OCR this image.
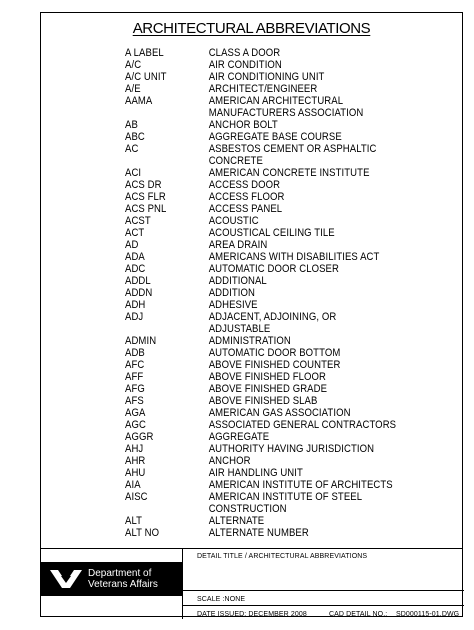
ARCHITECTURAL ABBREVIATIONS
A LABEL	CLASS A DOOR
A/C	AIR CONDITION
A/C UNIT	AIR CONDITIONING UNIT
A/E	ARCHITECT/ENGINEER
AAMA	AMERICAN ARCHITECTURAL
MANUFACTURERS ASSOCIATION
AB	ANCHOR BOLT
ABC	AGGREGATE BASE COURSE
AC	ASBESTOS CEMENT OR ASPHALTIC
CONCRETE
ACI	AMERICAN CONCRETE INSTITUTE
ACS DR	ACCESS DOOR
ACS FLR	ACCESS FLOOR
ACS PNL	ACCESS PANEL
ACST	ACOUSTIC
ACT	ACOUSTICAL CEILING TILE
AD	AREA DRAIN
ADA	AMERICANS WITH DISABILITIES ACT
ADC	AUTOMATIC DOOR CLOSER
ADDL	ADDITIONAL
ADDN	ADDITION
ADH	ADHESIVE
ADJ	ADJACENT, ADJOINING, OR
ADJUSTABLE
ADMIN	ADMINISTRATION
ADB	AUTOMATIC DOOR BOTTOM
AFC	ABOVE FINISHED COUNTER
AFF	ABOVE FINISHED FLOOR
AFG	ABOVE FINISHED GRADE
AFS	ABOVE FINISHED SLAB
AGA	AMERICAN GAS ASSOCIATION
AGC	ASSOCIATED GENERAL CONTRACTORS
AGGR	AGGREGATE
AHJ	AUTHORITY HAVING JURISDICTION
AHR	ANCHOR
AHU	AIR HANDLING UNIT
AIA	AMERICAN INSTITUTE OF ARCHITECTS
AISC	AMERICAN INSTITUTE OF STEEL
CONSTRUCTION
ALT	ALTERNATE
ALT NO	ALTERNATE NUMBER
Department of
Veterans Affairs
DETAIL TITLE / ARCHITECTURAL ABBREVIATIONS
SCALE :NONE
DATE ISSUED: DECEMBER 2008	CAD DETAIL NO.: SD000115-01.DWG
